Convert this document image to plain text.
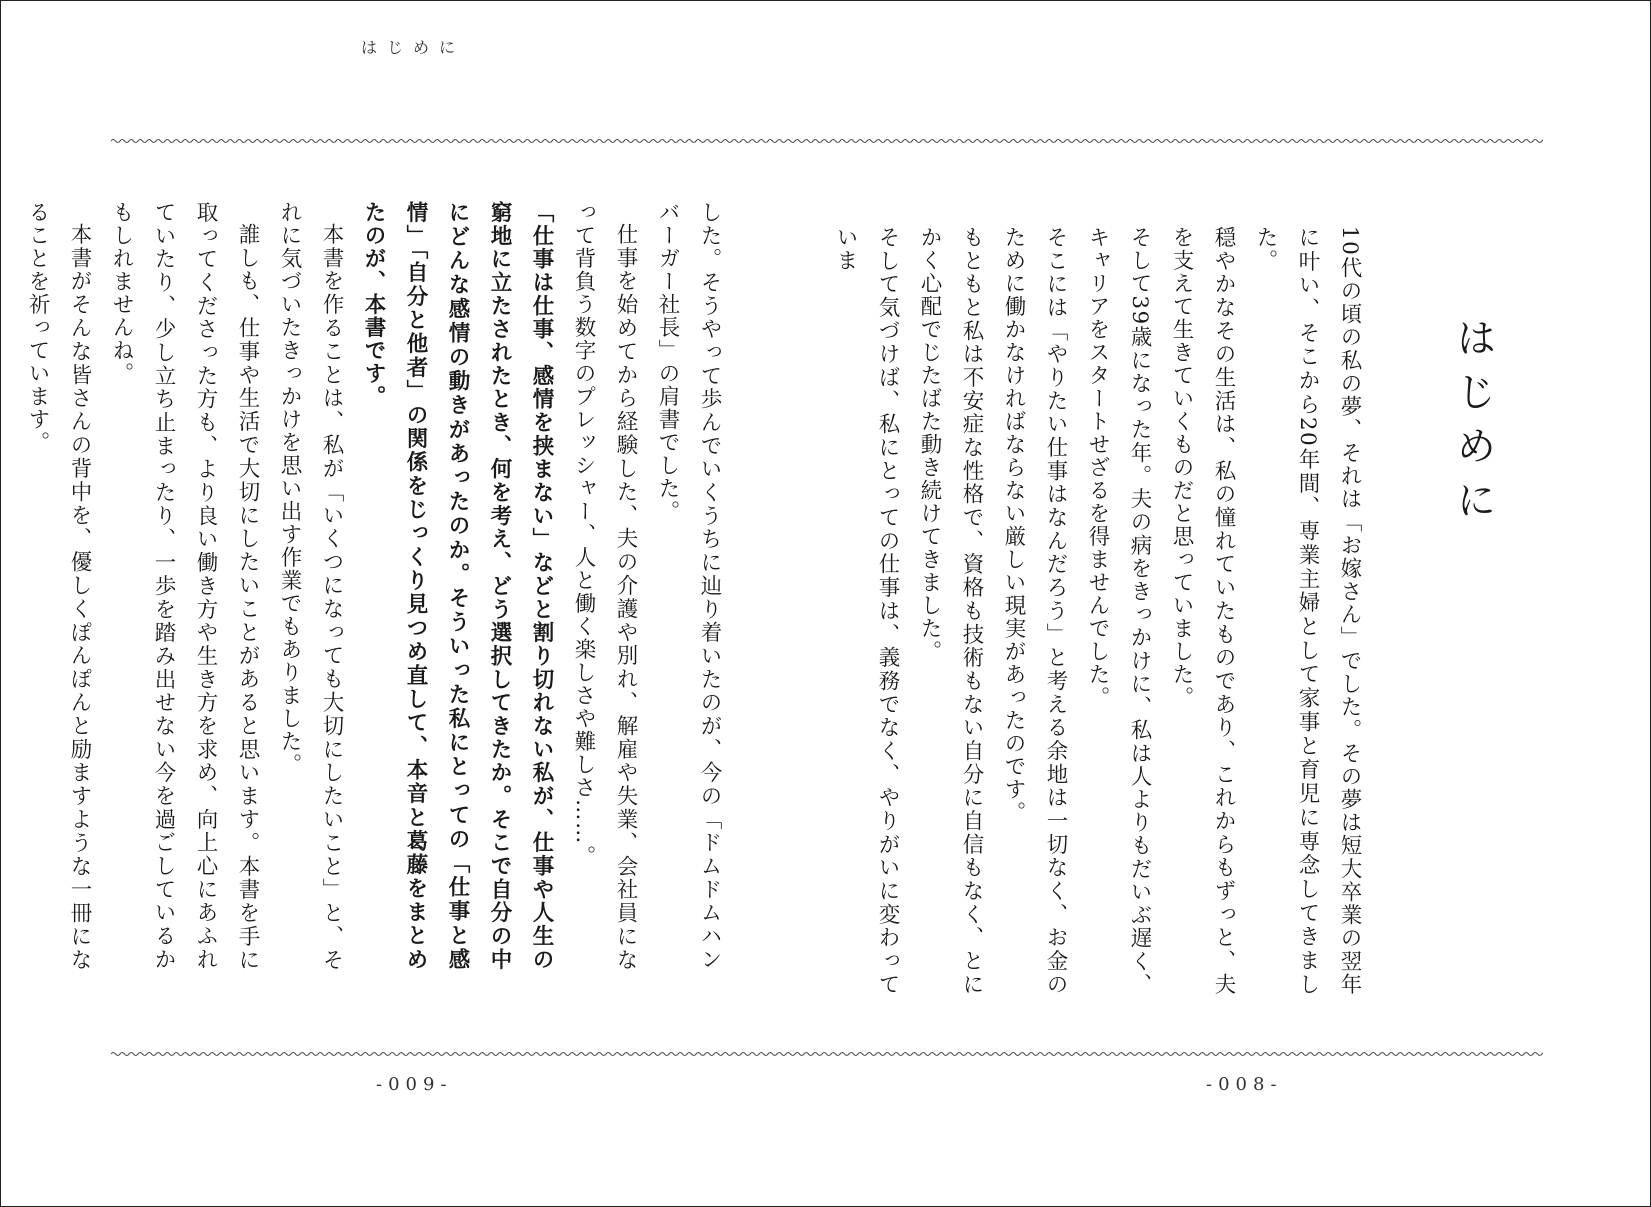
はじめに
はじめに

10代の頃の私の夢、それは「お嫁さん」でした。その夢は短大卒業の翌年に叶い、そこから20年間、専業主婦として家事と育児に専念してきました。

穏やかなその生活は、私の憧れていたものであり、これからもずっと、夫を支えて生きていくものだと思っていました。

そして39歳になった年。夫の病をきっかけに、私は人よりもだいぶ遅く、キャリアをスタートせざるを得ませんでした。

そこには「やりたい仕事はなんだろう」と考える余地は一切なく、お金のために働かなければならない厳しい現実があったのです。

もともと私は不安症な性格で、資格も技術もない自分に自信もなく、とにかく心配でじたばた動き続けてきました。

そして気づけば、私にとっての仕事は、義務でなく、やりがいに変わっていま

した。そうやって歩んでいくうちに辿り着いたのが、今の「ドムドムハンバーガー社長」の肩書でした。

仕事を始めてから経験した、夫の介護や別れ、解雇や失業、会社員になって背負う数字のプレッシャー、人と働く楽しさや難しさ……。

「仕事は仕事、感情を挟まない」などと割り切れない私が、仕事や人生の窮地に立たされたとき、何を考え、どう選択してきたか。そこで自分の中にどんな感情の動きがあったのか。そういった私にとっての「仕事と感情」「自分と他者」の関係をじっくり見つめ直して、本音と葛藤をまとめたのが、本書です。

本書を作ることは、私が「いくつになっても大切にしたいこと」と、それに気づいたきっかけを思い出す作業でもありました。

誰しも、仕事や生活で大切にしたいことがあると思います。本書を手に取ってくださった方も、より良い働き方や生き方を求め、向上心にあふれていたり、少し立ち止まったり、一歩を踏み出せない今を過ごしているかもしれませんね。

本書がそんな皆さんの背中を、優しくぽんぽんと励ますような一冊になることを祈っています。

-009-	-008-
